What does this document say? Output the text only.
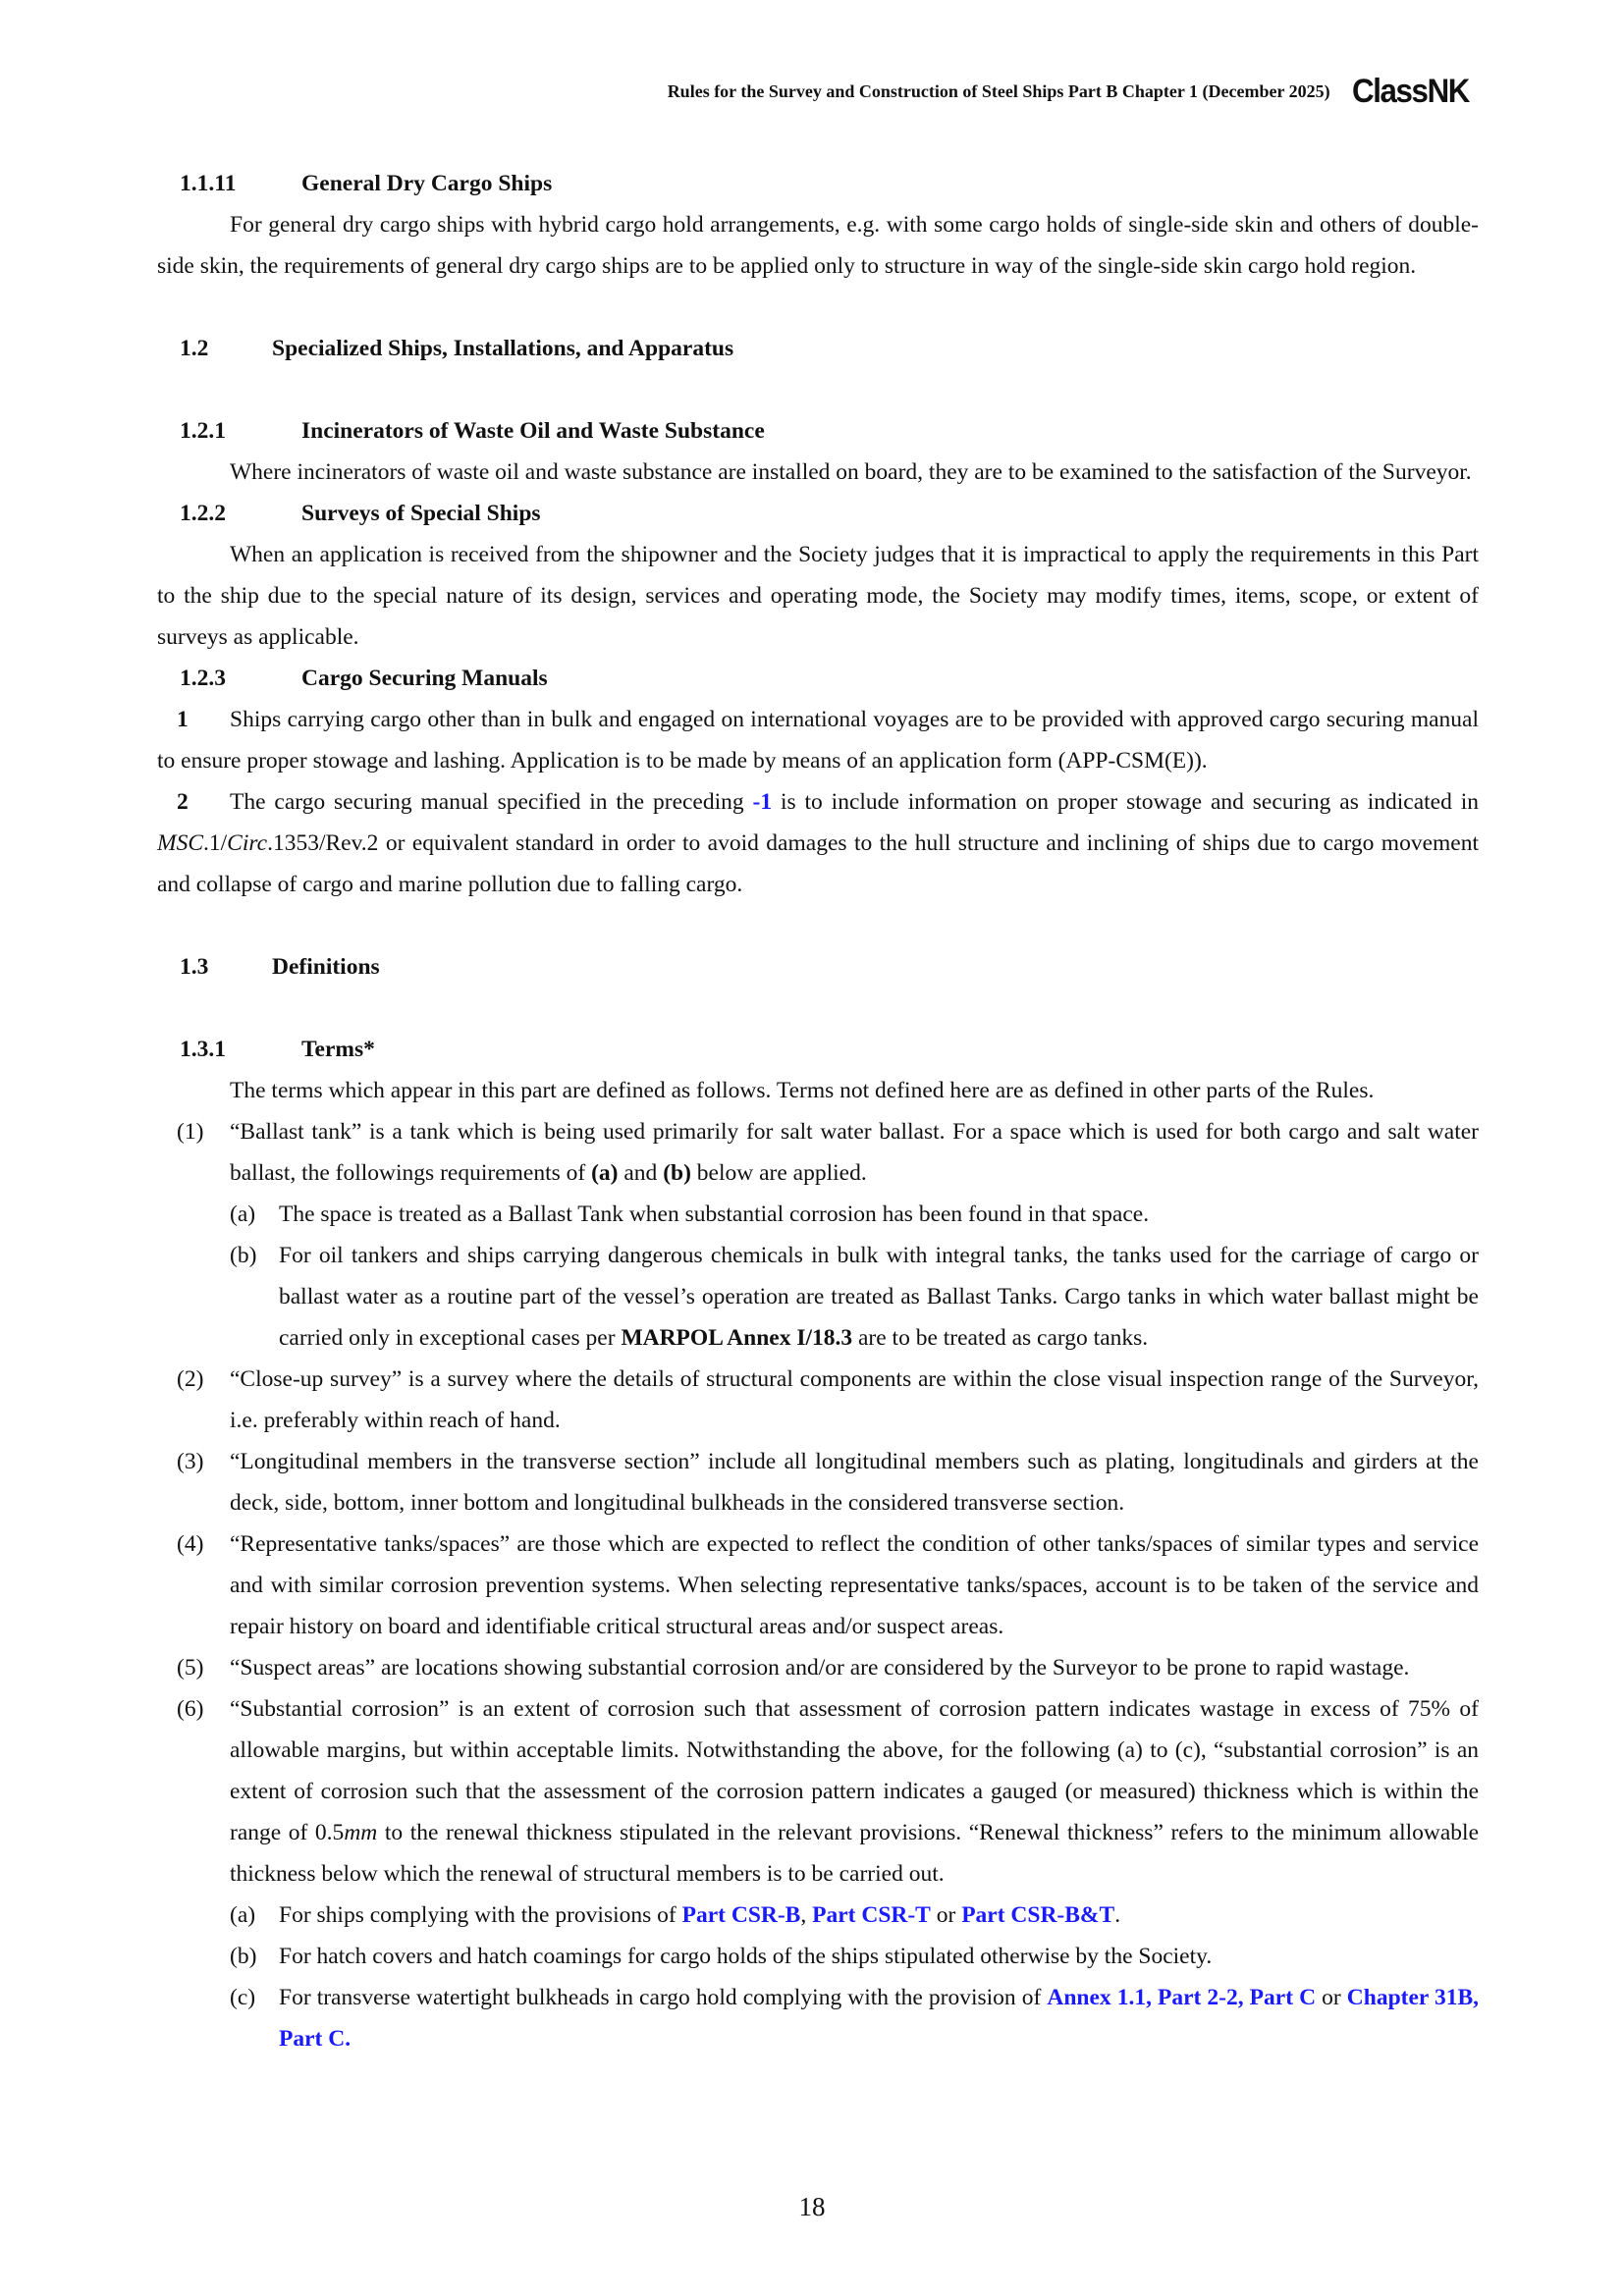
Rules for the Survey and Construction of Steel Ships Part B Chapter 1 (December 2025) ClassNK
1.1.11	General Dry Cargo Ships

For general dry cargo ships with hybrid cargo hold arrangements, e.g. with some cargo holds of single-side skin and others of double-side skin, the requirements of general dry cargo ships are to be applied only to structure in way of the single-side skin cargo hold region.

1.2	Specialized Ships, Installations, and Apparatus
1.2.1	Incinerators of Waste Oil and Waste Substance

Where incinerators of waste oil and waste substance are installed on board, they are to be examined to the satisfaction of the Surveyor.

1.2.2	Surveys of Special Ships

When an application is received from the shipowner and the Society judges that it is impractical to apply the requirements in this Part to the ship due to the special nature of its design, services and operating mode, the Society may modify times, items, scope, or extent of surveys as applicable.

1.2.3	Cargo Securing Manuals

1 Ships carrying cargo other than in bulk and engaged on international voyages are to be provided with approved cargo securing manual to ensure proper stowage and lashing. Application is to be made by means of an application form (APP-CSM(E)).

2 The cargo securing manual specified in the preceding -1 is to include information on proper stowage and securing as indicated in MSC.1/Circ.1353/Rev.2 or equivalent standard in order to avoid damages to the hull structure and inclining of ships due to cargo movement and collapse of cargo and marine pollution due to falling cargo.

1.3	Definitions
1.3.1	Terms*

The terms which appear in this part are defined as follows. Terms not defined here are as defined in other parts of the Rules.

(1)	“Ballast tank” is a tank which is being used primarily for salt water ballast. For a space which is used for both cargo and salt water ballast, the followings requirements of (a) and (b) below are applied.
(a)	The space is treated as a Ballast Tank when substantial corrosion has been found in that space.
(b) For oil tankers and ships carrying dangerous chemicals in bulk with integral tanks, the tanks used for the carriage of cargo or ballast water as a routine part of the vessel’s operation are treated as Ballast Tanks. Cargo tanks in which water ballast might be carried only in exceptional cases per MARPOL Annex I/18.3 are to be treated as cargo tanks.
(2)	“Close-up survey” is a survey where the details of structural components are within the close visual inspection range of the Surveyor, i.e. preferably within reach of hand.
(3)	“Longitudinal members in the transverse section” include all longitudinal members such as plating, longitudinals and girders at the deck, side, bottom, inner bottom and longitudinal bulkheads in the considered transverse section.
(4)	“Representative tanks/spaces” are those which are expected to reflect the condition of other tanks/spaces of similar types and service and with similar corrosion prevention systems. When selecting representative tanks/spaces, account is to be taken of the service and repair history on board and identifiable critical structural areas and/or suspect areas.
(5)	“Suspect areas” are locations showing substantial corrosion and/or are considered by the Surveyor to be prone to rapid wastage.
(6)	“Substantial corrosion” is an extent of corrosion such that assessment of corrosion pattern indicates wastage in excess of 75% of allowable margins, but within acceptable limits. Notwithstanding the above, for the following (a) to (c), “substantial corrosion” is an extent of corrosion such that the assessment of the corrosion pattern indicates a gauged (or measured) thickness which is within the range of 0.5mm to the renewal thickness stipulated in the relevant provisions. “Renewal thickness” refers to the minimum allowable thickness below which the renewal of structural members is to be carried out.
(a)	For ships complying with the provisions of Part CSR-B, Part CSR-T or Part CSR-B&T.
(b) For hatch covers and hatch coamings for cargo holds of the ships stipulated otherwise by the Society.
(c)	For transverse watertight bulkheads in cargo hold complying with the provision of Annex 1.1, Part 2-2, Part C or Chapter 31B, Part C.
18
